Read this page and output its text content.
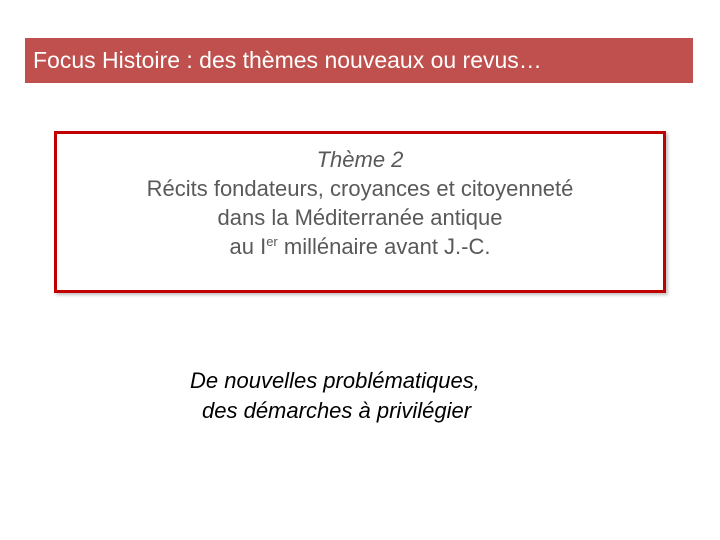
Focus Histoire : des thèmes nouveaux ou revus…
Thème 2
Récits fondateurs, croyances et citoyenneté
dans la Méditerranée antique
au Ier millénaire avant J.-C.
De nouvelles problématiques,
des démarches à privilégier
